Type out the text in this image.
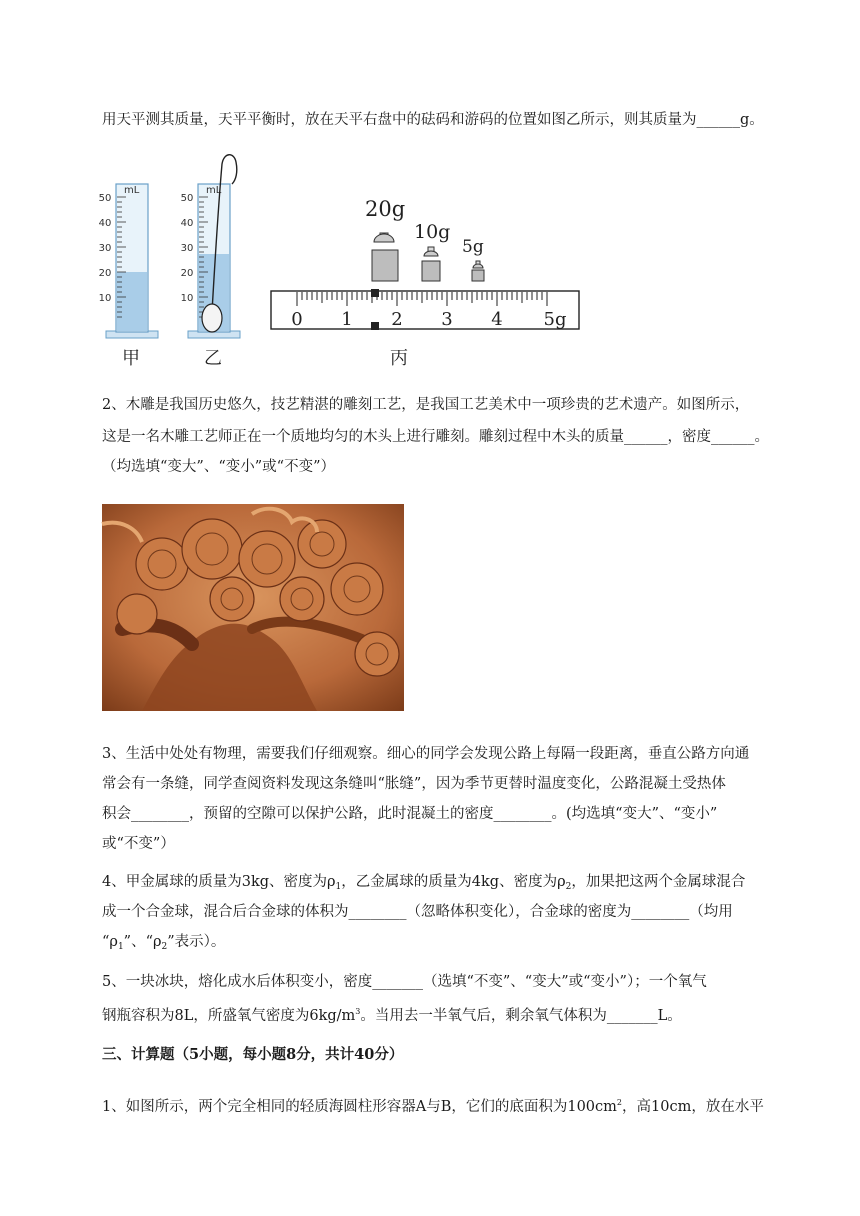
用天平测其质量，天平平衡时，放在天平右盘中的砝码和游码的位置如图乙所示，则其质量为______g。
mL
50
40
30
20
10
mL
50
40
30
20
10
甲	乙
20g
10g
5g
0 1 2 3 4 5g
丙
2、木雕是我国历史悠久，技艺精湛的雕刻工艺，是我国工艺美术中一项珍贵的艺术遗产。如图所示，
这是一名木雕工艺师正在一个质地均匀的木头上进行雕刻。雕刻过程中木头的质量______，密度______。
（均选填“变大”、“变小”或“不变”）
3、生活中处处有物理，需要我们仔细观察。细心的同学会发现公路上每隔一段距离，垂直公路方向通
常会有一条缝，同学查阅资料发现这条缝叫“胀缝”，因为季节更替时温度变化，公路混凝土受热体
积会________，预留的空隙可以保护公路，此时混凝土的密度________。(均选填“变大”、“变小”
或“不变”）
4、甲金属球的质量为3kg、密度为$\rho_1$，乙金属球的质量为4kg、密度为$\rho_2$，加果把这两个金属球混合
成一个合金球，混合后合金球的体积为________（忽略体积变化），合金球的密度为________（均用
“$\rho_1$”、“$\rho_2$”表示）。
5、一块冰块，熔化成水后体积变小，密度_______（选填“不变”、“变大”或“变小”）；一个氧气
钢瓶容积为8L，所盛氧气密度为$6kg/m^3$。当用去一半氧气后，剩余氧气体积为_______L。
三、计算题（5小题，每小题8分，共计40分）
1、如图所示，两个完全相同的轻质海圆柱形容器A与B，它们的底面积为$100cm^2$，高10cm，放在水平
